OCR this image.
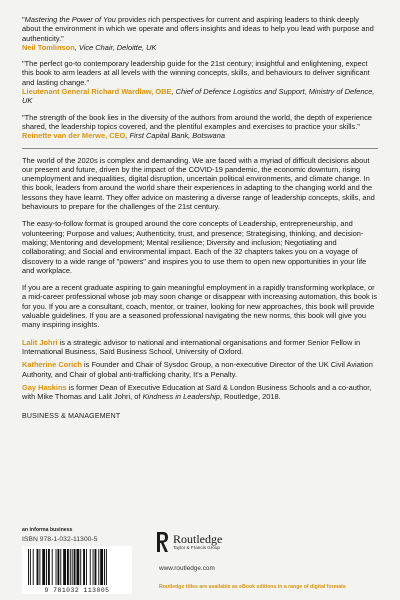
"Mastering the Power of You provides rich perspectives for current and aspiring leaders to think deeply about the environment in which we operate and offers insights and ideas to help you lead with purpose and authenticity."
Neil Tomlinson, Vice Chair, Deloitte, UK
"The perfect go-to contemporary leadership guide for the 21st century; insightful and enlightening, expect this book to arm leaders at all levels with the winning concepts, skills, and behaviours to deliver significant and lasting change."
Lieutenant General Richard Wardlaw, OBE, Chief of Defence Logistics and Support, Ministry of Defence, UK
"The strength of the book lies in the diversity of the authors from around the world, the depth of experience shared, the leadership topics covered, and the plentiful examples and exercises to practice your skills."
Reinette van der Merwe, CEO, First Capital Bank, Botswana

The world of the 2020s is complex and demanding. We are faced with a myriad of difficult decisions about our present and future, driven by the impact of the COVID-19 pandemic, the economic downturn, rising unemployment and inequalities, digital disruption, uncertain political environments, and climate change. In this book, leaders from around the world share their experiences in adapting to the changing world and the lessons they have learnt. They offer advice on mastering a diverse range of leadership concepts, skills, and behaviours to prepare for the challenges of the 21st century.

The easy-to-follow format is grouped around the core concepts of Leadership, entrepreneurship, and volunteering; Purpose and values; Authenticity, trust, and presence; Strategising, thinking, and decision-making; Mentoring and development; Mental resilience; Diversity and inclusion; Negotiating and collaborating; and Social and environmental impact. Each of the 32 chapters takes you on a voyage of discovery to a wide range of "powers" and inspires you to use them to open new opportunities in your life and workplace.

If you are a recent graduate aspiring to gain meaningful employment in a rapidly transforming workplace, or a mid-career professional whose job may soon change or disappear with increasing automation, this book is for you. If you are a consultant, coach, mentor, or trainer, looking for new approaches, this book will provide valuable guidelines. If you are a seasoned professional navigating the new norms, this book will give you many inspiring insights.

Lalit Johri is a strategic advisor to national and international organisations and former Senior Fellow in International Business, Saïd Business School, University of Oxford.

Katherine Corich is Founder and Chair of Sysdoc Group, a non-executive Director of the UK Civil Aviation Authority, and Chair of global anti-trafficking charity, It's a Penalty.

Gay Haskins is former Dean of Executive Education at Saïd & London Business Schools and a co-author, with Mike Thomas and Lalit Johri, of Kindness in Leadership, Routledge, 2018.

BUSINESS & MANAGEMENT
an informa business
ISBN 978-1-032-11300-5
9 781032 113005
Routledge
Taylor & Francis Group
www.routledge.com
Routledge titles are available as eBook editions in a range of digital formats
